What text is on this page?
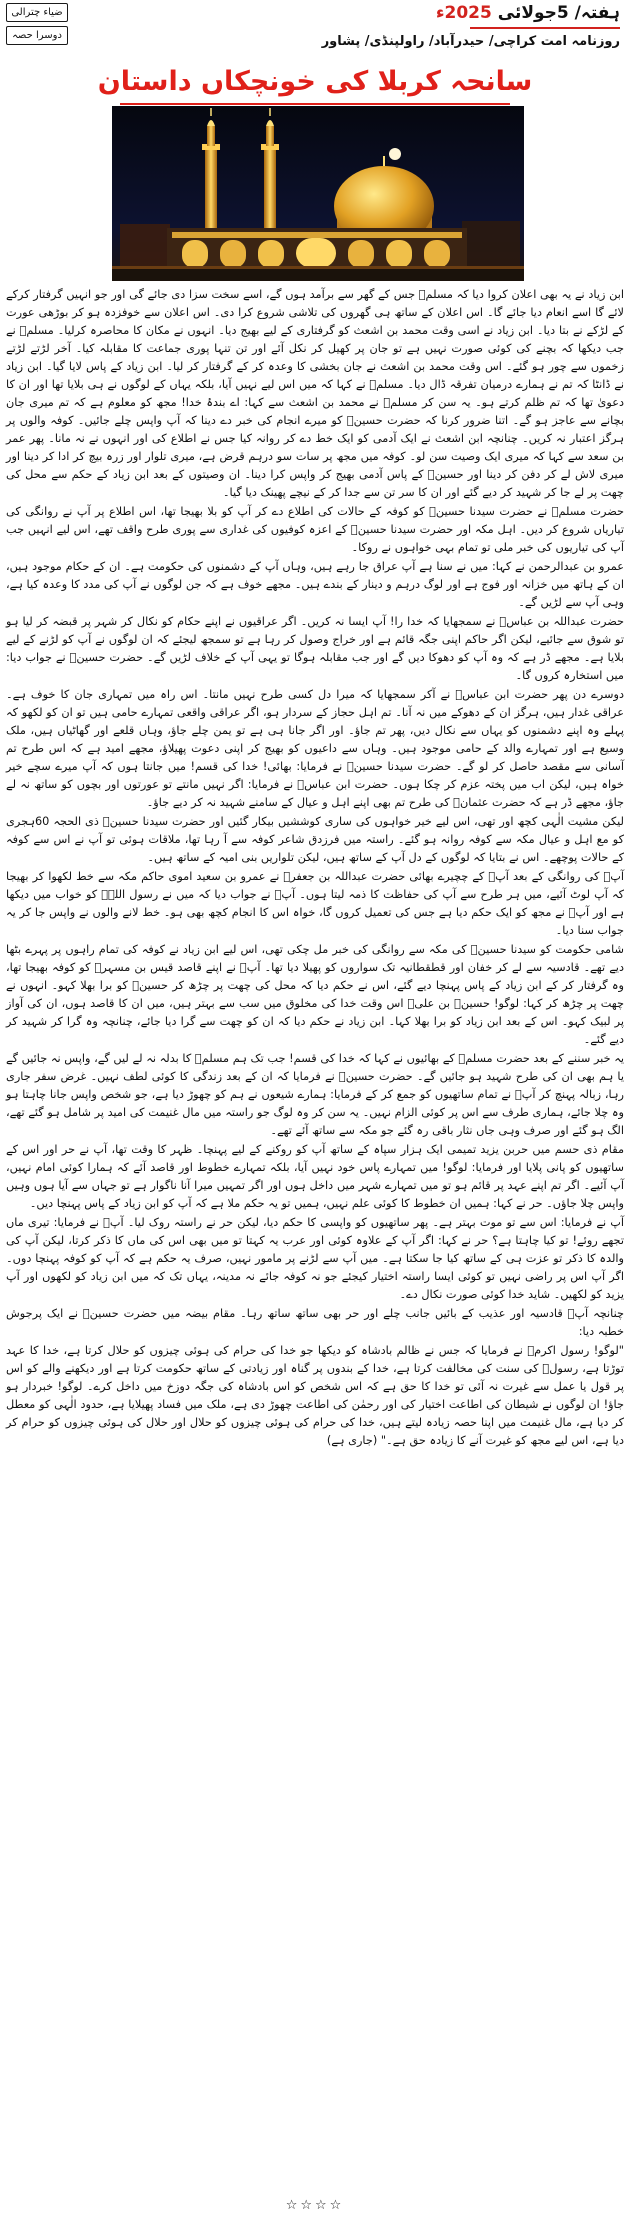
ضیاء چترالی
دوسرا حصہ
ہفتہ/ 5جولائی 2025ء
روزنامہ امت کراچی/ حیدرآباد/ راولپنڈی/ پشاور
سانحہ کربلا کی خونچکاں داستان

ابن زیاد نے یہ بھی اعلان کروا دیا کہ مسلمؓ جس کے گھر سے برآمد ہوں گے، اسے سخت سزا دی جائے گی اور جو انہیں گرفتار کرکے لائے گا اسے انعام دیا جائے گا۔ اس اعلان کے ساتھ ہی گھروں کی تلاشی شروع کرا دی۔ اس اعلان سے خوفزدہ ہو کر بوڑھی عورت کے لڑکے نے بتا دیا۔ ابن زیاد نے اسی وقت محمد بن اشعث کو گرفتاری کے لیے بھیج دیا۔ انہوں نے مکان کا محاصرہ کرلیا۔ مسلمؓ نے جب دیکھا کہ بچنے کی کوئی صورت نہیں ہے تو جان پر کھیل کر نکل آئے اور تن تنہا پوری جماعت کا مقابلہ کیا۔ آخر لڑتے لڑتے زخموں سے چور ہو گئے۔ اس وقت محمد بن اشعث نے جان بخشی کا وعدہ کر کے گرفتار کر لیا۔ ابن زیاد کے پاس لایا گیا۔ ابن زیاد نے ڈانٹا کہ تم نے ہمارے درمیان تفرقہ ڈال دیا۔ مسلمؓ نے کہا کہ میں اس لیے نہیں آیا، بلکہ یہاں کے لوگوں نے ہی بلایا تھا اور ان کا دعویٰ تھا کہ تم ظلم کرتے ہو۔ یہ سن کر مسلمؓ نے محمد بن اشعث سے کہا: اے بندۂ خدا! مجھ کو معلوم ہے کہ تم میری جان بچانے سے عاجز ہو گے۔ اتنا ضرور کرنا کہ حضرت حسینؓ کو میرے انجام کی خبر دے دینا کہ آپ واپس چلے جائیں۔ کوفہ والوں پر ہرگز اعتبار نہ کریں۔ چنانچہ ابن اشعث نے ایک آدمی کو ایک خط دے کر روانہ کیا جس نے اطلاع کی اور انہوں نے نہ مانا۔ پھر عمر بن سعد سے کہا کہ میری ایک وصیت سن لو۔ کوفہ میں مجھ پر سات سو درہم قرض ہے، میری تلوار اور زرہ بیچ کر ادا کر دینا اور میری لاش لے کر دفن کر دینا اور حسینؓ کے پاس آدمی بھیج کر واپس کرا دینا۔ ان وصیتوں کے بعد ابن زیاد کے حکم سے محل کی چھت پر لے جا کر شہید کر دیے گئے اور ان کا سر تن سے جدا کر کے نیچے پھینک دیا گیا۔

حضرت مسلمؓ نے حضرت سیدنا حسینؓ کو کوفہ کے حالات کی اطلاع دے کر آپ کو بلا بھیجا تھا، اس اطلاع پر آپ نے روانگی کی تیاریاں شروع کر دیں۔ اہل مکہ اور حضرت سیدنا حسینؓ کے اعزہ کوفیوں کی غداری سے پوری طرح واقف تھے، اس لیے انہیں جب آپ کی تیاریوں کی خبر ملی تو تمام بہی خواہوں نے روکا۔

عمرو بن عبدالرحمن نے کہا: میں نے سنا ہے آپ عراق جا رہے ہیں، وہاں آپ کے دشمنوں کی حکومت ہے۔ ان کے حکام موجود ہیں، ان کے ہاتھ میں خزانہ اور فوج ہے اور لوگ درہم و دینار کے بندے ہیں۔ مجھے خوف ہے کہ جن لوگوں نے آپ کی مدد کا وعدہ کیا ہے، وہی آپ سے لڑیں گے۔

حضرت عبداللہ بن عباسؓ نے سمجھایا کہ خدا را! آپ ایسا نہ کریں۔ اگر عراقیوں نے اپنے حکام کو نکال کر شہر پر قبضہ کر لیا ہو تو شوق سے جائیے، لیکن اگر حاکم اپنی جگہ قائم ہے اور خراج وصول کر رہا ہے تو سمجھ لیجئے کہ ان لوگوں نے آپ کو لڑنے کے لیے بلایا ہے۔ مجھے ڈر ہے کہ وہ آپ کو دھوکا دیں گے اور جب مقابلہ ہوگا تو یہی آپ کے خلاف لڑیں گے۔ حضرت حسینؓ نے جواب دیا: میں استخارہ کروں گا۔

دوسرے دن پھر حضرت ابن عباسؓ نے آکر سمجھایا کہ میرا دل کسی طرح نہیں مانتا۔ اس راہ میں تمہاری جان کا خوف ہے۔ عراقی غدار ہیں، ہرگز ان کے دھوکے میں نہ آنا۔ تم اہل حجاز کے سردار ہو، اگر عراقی واقعی تمہارے حامی ہیں تو ان کو لکھو کہ پہلے وہ اپنے دشمنوں کو یہاں سے نکال دیں، پھر تم جاؤ۔ اور اگر جانا ہی ہے تو یمن چلے جاؤ، وہاں قلعے اور گھاٹیاں ہیں، ملک وسیع ہے اور تمہارے والد کے حامی موجود ہیں۔ وہاں سے داعیوں کو بھیج کر اپنی دعوت پھیلاؤ، مجھے امید ہے کہ اس طرح تم آسانی سے مقصد حاصل کر لو گے۔ حضرت سیدنا حسینؓ نے فرمایا: بھائی! خدا کی قسم! میں جانتا ہوں کہ آپ میرے سچے خیر خواہ ہیں، لیکن اب میں پختہ عزم کر چکا ہوں۔ حضرت ابن عباسؓ نے فرمایا: اگر نہیں مانتے تو عورتوں اور بچوں کو ساتھ نہ لے جاؤ، مجھے ڈر ہے کہ حضرت عثمانؓ کی طرح تم بھی اپنے اہل و عیال کے سامنے شہید نہ کر دیے جاؤ۔

لیکن مشیت الٰہی کچھ اور تھی، اس لیے خیر خواہوں کی ساری کوششیں بیکار گئیں اور حضرت سیدنا حسینؓ ذی الحجہ 60ہجری کو مع اہل و عیال مکہ سے کوفہ روانہ ہو گئے۔ راستہ میں فرزدق شاعر کوفہ سے آ رہا تھا، ملاقات ہوئی تو آپ نے اس سے کوفہ کے حالات پوچھے۔ اس نے بتایا کہ لوگوں کے دل آپ کے ساتھ ہیں، لیکن تلواریں بنی امیہ کے ساتھ ہیں۔

آپؓ کی روانگی کے بعد آپؓ کے چچیرے بھائی حضرت عبداللہ بن جعفرؓ نے عمرو بن سعید اموی حاکم مکہ سے خط لکھوا کر بھیجا کہ آپ لوٹ آئیے، میں ہر طرح سے آپ کی حفاظت کا ذمہ لیتا ہوں۔ آپؓ نے جواب دیا کہ میں نے رسول اللہؐ کو خواب میں دیکھا ہے اور آپؐ نے مجھ کو ایک حکم دیا ہے جس کی تعمیل کروں گا، خواہ اس کا انجام کچھ بھی ہو۔ خط لانے والوں نے واپس جا کر یہ جواب سنا دیا۔

شامی حکومت کو سیدنا حسینؓ کی مکہ سے روانگی کی خبر مل چکی تھی، اس لیے ابن زیاد نے کوفہ کی تمام راہوں پر پہرے بٹھا دیے تھے۔ قادسیہ سے لے کر خفان اور قطقطانیہ تک سواروں کو پھیلا دیا تھا۔ آپؓ نے اپنے قاصد قیس بن مسہرؓ کو کوفہ بھیجا تھا، وہ گرفتار کر کے ابن زیاد کے پاس پہنچا دیے گئے، اس نے حکم دیا کہ محل کی چھت پر چڑھ کر حسینؓ کو برا بھلا کہو۔ انہوں نے چھت پر چڑھ کر کہا: لوگو! حسینؓ بن علیؓ اس وقت خدا کی مخلوق میں سب سے بہتر ہیں، میں ان کا قاصد ہوں، ان کی آواز پر لبیک کہو۔ اس کے بعد ابن زیاد کو برا بھلا کہا۔ ابن زیاد نے حکم دیا کہ ان کو چھت سے گرا دیا جائے، چنانچہ وہ گرا کر شہید کر دیے گئے۔

یہ خبر سننے کے بعد حضرت مسلمؓ کے بھائیوں نے کہا کہ خدا کی قسم! جب تک ہم مسلمؓ کا بدلہ نہ لے لیں گے، واپس نہ جائیں گے یا ہم بھی ان کی طرح شہید ہو جائیں گے۔ حضرت حسینؓ نے فرمایا کہ ان کے بعد زندگی کا کوئی لطف نہیں۔ غرض سفر جاری رہا، زبالہ پہنچ کر آپؓ نے تمام ساتھیوں کو جمع کر کے فرمایا: ہمارے شیعوں نے ہم کو چھوڑ دیا ہے، جو شخص واپس جانا چاہتا ہو وہ چلا جائے، ہماری طرف سے اس پر کوئی الزام نہیں۔ یہ سن کر وہ لوگ جو راستہ میں مال غنیمت کی امید پر شامل ہو گئے تھے، الگ ہو گئے اور صرف وہی جاں نثار باقی رہ گئے جو مکہ سے ساتھ آئے تھے۔

مقام ذی حسم میں حربن یزید تمیمی ایک ہزار سپاہ کے ساتھ آپ کو روکنے کے لیے پہنچا۔ ظہر کا وقت تھا، آپ نے حر اور اس کے ساتھیوں کو پانی پلایا اور فرمایا: لوگو! میں تمہارے پاس خود نہیں آیا، بلکہ تمہارے خطوط اور قاصد آئے کہ ہمارا کوئی امام نہیں، آپ آئیے۔ اگر تم اپنے عہد پر قائم ہو تو میں تمہارے شہر میں داخل ہوں اور اگر تمہیں میرا آنا ناگوار ہے تو جہاں سے آیا ہوں وہیں واپس چلا جاؤں۔ حر نے کہا: ہمیں ان خطوط کا کوئی علم نہیں، ہمیں تو یہ حکم ملا ہے کہ آپ کو ابن زیاد کے پاس پہنچا دیں۔

آپ نے فرمایا: اس سے تو موت بہتر ہے۔ پھر ساتھیوں کو واپسی کا حکم دیا، لیکن حر نے راستہ روک لیا۔ آپؓ نے فرمایا: تیری ماں تجھے روئے! تو کیا چاہتا ہے؟ حر نے کہا: اگر آپ کے علاوہ کوئی اور عرب یہ کہتا تو میں بھی اس کی ماں کا ذکر کرتا، لیکن آپ کی والدہ کا ذکر تو عزت ہی کے ساتھ کیا جا سکتا ہے۔ میں آپ سے لڑنے پر مامور نہیں، صرف یہ حکم ہے کہ آپ کو کوفہ پہنچا دوں۔ اگر آپ اس پر راضی نہیں تو کوئی ایسا راستہ اختیار کیجئے جو نہ کوفہ جائے نہ مدینہ، یہاں تک کہ میں ابن زیاد کو لکھوں اور آپ یزید کو لکھیں۔ شاید خدا کوئی صورت نکال دے۔

چنانچہ آپؓ قادسیہ اور عذیب کے بائیں جانب چلے اور حر بھی ساتھ ساتھ رہا۔ مقام بیضہ میں حضرت حسینؓ نے ایک پرجوش خطبہ دیا:

"لوگو! رسول اکرمؐ نے فرمایا کہ جس نے ظالم بادشاہ کو دیکھا جو خدا کی حرام کی ہوئی چیزوں کو حلال کرتا ہے، خدا کا عہد توڑتا ہے، رسولؐ کی سنت کی مخالفت کرتا ہے، خدا کے بندوں پر گناہ اور زیادتی کے ساتھ حکومت کرتا ہے اور دیکھنے والے کو اس پر قول یا عمل سے غیرت نہ آئی تو خدا کا حق ہے کہ اس شخص کو اس بادشاہ کی جگہ دوزخ میں داخل کرے۔ لوگو! خبردار ہو جاؤ! ان لوگوں نے شیطان کی اطاعت اختیار کی اور رحمٰن کی اطاعت چھوڑ دی ہے، ملک میں فساد پھیلایا ہے، حدود الٰہی کو معطل کر دیا ہے، مال غنیمت میں اپنا حصہ زیادہ لیتے ہیں، خدا کی حرام کی ہوئی چیزوں کو حلال اور حلال کی ہوئی چیزوں کو حرام کر دیا ہے، اس لیے مجھ کو غیرت آنے کا زیادہ حق ہے۔" (جاری ہے)

☆☆☆☆
